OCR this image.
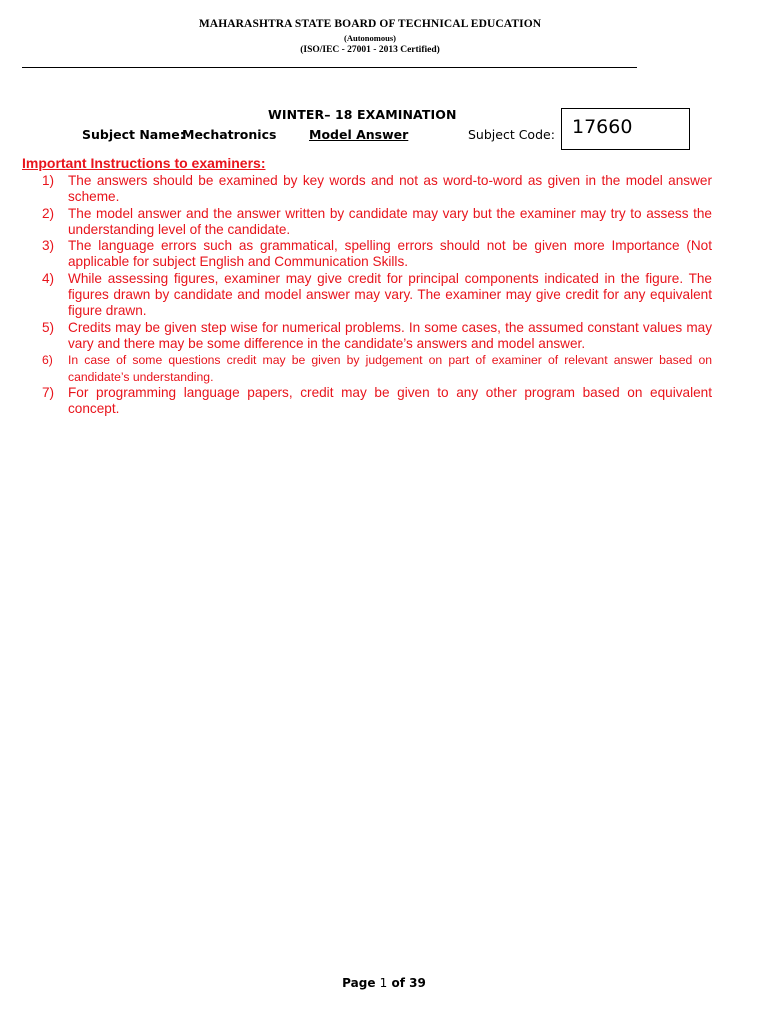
MAHARASHTRA STATE BOARD OF TECHNICAL EDUCATION
(Autonomous)
(ISO/IEC - 27001 - 2013 Certified)
WINTER– 18 EXAMINATION
Subject Name:
Mechatronics	Model Answer	Subject Code: 17660
Important Instructions to examiners:
1) The answers should be examined by key words and not as word-to-word as given in the model answer scheme.
2) The model answer and the answer written by candidate may vary but the examiner may try to assess the understanding level of the candidate.
3) The language errors such as grammatical, spelling errors should not be given more Importance (Not applicable for subject English and Communication Skills.
4) While assessing figures, examiner may give credit for principal components indicated in the figure. The figures drawn by candidate and model answer may vary. The examiner may give credit for any equivalent figure drawn.
5) Credits may be given step wise for numerical problems. In some cases, the assumed constant values may vary and there may be some difference in the candidate’s answers and model answer.
6) In case of some questions credit may be given by judgement on part of examiner of relevant answer based on candidate’s understanding.
7) For programming language papers, credit may be given to any other program based on equivalent concept.
Page 1 of 39
